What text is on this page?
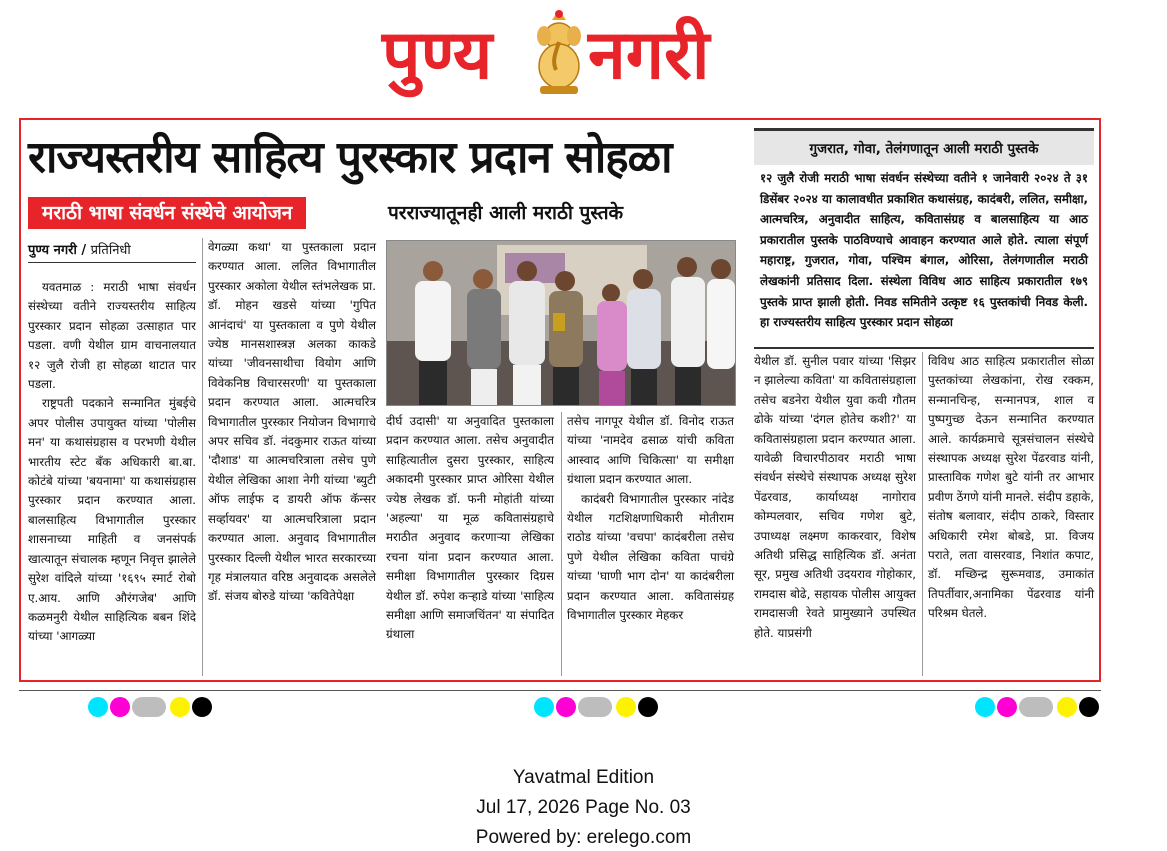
पुण्य नगरी
राज्यस्तरीय साहित्य पुरस्कार प्रदान सोहळा
मराठी भाषा संवर्धन संस्थेचे आयोजन	परराज्यातूनही आली मराठी पुस्तके
पुण्य नगरी / प्रतिनिधी

यवतमाळ : मराठी भाषा संवर्धन संस्थेच्या वतीने राज्यस्तरीय साहित्य पुरस्कार प्रदान सोहळा उत्साहात पार पडला. वणी येथील ग्राम वाचनालयात १२ जुलै रोजी हा सोहळा थाटात पार पडला.

राष्ट्रपती पदकाने सन्मानित मुंबईचे अपर पोलीस उपायुक्त यांच्या 'पोलीस मन' या कथासंग्रहास व परभणी येथील भारतीय स्टेट बँक अधिकारी बा.बा. कोटंबे यांच्या 'बयनामा' या कथासंग्रहास पुरस्कार प्रदान करण्यात आला. बालसाहित्य विभागातील पुरस्कार शासनाच्या माहिती व जनसंपर्क खात्यातून संचालक म्हणून निवृत्त झालेले सुरेश वांदिले यांच्या '१६९५ स्मार्ट रोबो ए.आय. आणि औरंगजेब' आणि कळमनुरी येथील साहित्यिक बबन शिंदे यांच्या 'आगळ्या

वेगळ्या कथा' या पुस्तकाला प्रदान करण्यात आला. ललित विभागातील पुरस्कार अकोला येथील स्तंभलेखक प्रा. डॉ. मोहन खडसे यांच्या 'गुपित आनंदाचं' या पुस्तकाला व पुणे येथील ज्येष्ठ मानसशास्त्रज्ञ अलका काकडे यांच्या 'जीवनसाथीचा वियोग आणि विवेकनिष्ठ विचारसरणी' या पुस्तकाला प्रदान करण्यात आला. आत्मचरित्र विभागातील पुरस्कार नियोजन विभागाचे अपर सचिव डॉ. नंदकुमार राऊत यांच्या 'दौशाड' या आत्मचरित्राला तसेच पुणे येथील लेखिका आशा नेगी यांच्या 'ब्युटी ऑफ लाईफ द डायरी ऑफ कॅन्सर सर्व्हायवर' या आत्मचरित्राला प्रदान करण्यात आला. अनुवाद विभागातील पुरस्कार दिल्ली येथील भारत सरकारच्या गृह मंत्रालयात वरिष्ठ अनुवादक असलेले डॉ. संजय बोरुडे यांच्या 'कवितेपेक्षा

दीर्घ उदासी' या अनुवादित पुस्तकाला प्रदान करण्यात आला. तसेच अनुवादीत साहित्यातील दुसरा पुरस्कार, साहित्य अकादमी पुरस्कार प्राप्त ओरिसा येथील ज्येष्ठ लेखक डॉ. फनी मोहांती यांच्या 'अहल्या' या मूळ कवितासंग्रहाचे मराठीत अनुवाद करणाऱ्या लेखिका रचना यांना प्रदान करण्यात आला. समीक्षा विभागातील पुरस्कार दिग्रस येथील डॉ. रुपेश कऱ्हाडे यांच्या 'साहित्य समीक्षा आणि समाजचिंतन' या संपादित ग्रंथाला

तसेच नागपूर येथील डॉ. विनोद राऊत यांच्या 'नामदेव ढसाळ यांची कविता आस्वाद आणि चिकित्सा' या समीक्षा ग्रंथाला प्रदान करण्यात आला.

कादंबरी विभागातील पुरस्कार नांदेड येथील गटशिक्षणाधिकारी मोतीराम राठोड यांच्या 'वचपा' कादंबरीला तसेच पुणे येथील लेखिका कविता पाचंग्रे यांच्या 'घाणी भाग दोन' या कादंबरीला प्रदान करण्यात आला. कवितासंग्रह विभागातील पुरस्कार मेहकर

गुजरात, गोवा, तेलंगणातून आली मराठी पुस्तके
१२ जुलै रोजी मराठी भाषा संवर्धन संस्थेच्या वतीने १ जानेवारी २०२४ ते ३१ डिसेंबर २०२४ या कालावधीत प्रकाशित कथासंग्रह, कादंबरी, ललित, समीक्षा, आत्मचरित्र, अनुवादीत साहित्य, कवितासंग्रह व बालसाहित्य या आठ प्रकारातील पुस्तके पाठविण्याचे आवाहन करण्यात आले होते. त्याला संपूर्ण महाराष्ट्र, गुजरात, गोवा, पश्चिम बंगाल, ओरिसा, तेलंगणातील मराठी लेखकांनी प्रतिसाद दिला. संस्थेला विविध आठ साहित्य प्रकारातील १७९ पुस्तके प्राप्त झाली होती. निवड समितीने उत्कृष्ट १६ पुस्तकांची निवड केली. हा राज्यस्तरीय साहित्य पुरस्कार प्रदान सोहळा

येथील डॉ. सुनील पवार यांच्या 'सिझर न झालेल्या कविता' या कवितासंग्रहाला तसेच बडनेरा येथील युवा कवी गौतम ढोके यांच्या 'दंगल होतेच कशी?' या कवितासंग्रहाला प्रदान करण्यात आला. यावेळी विचारपीठावर मराठी भाषा संवर्धन संस्थेचे संस्थापक अध्यक्ष सुरेश पेंढरवाड, कार्याध्यक्ष नागोराव कोम्पलवार, सचिव गणेश बुटे, उपाध्यक्ष लक्ष्मण काकरवार, विशेष अतिथी प्रसिद्ध साहित्यिक डॉ. अनंता सूर, प्रमुख अतिथी उदयराव गोहोकार, रामदास बोढे, सहायक पोलीस आयुक्त रामदासजी रेवते प्रामुख्याने उपस्थित होते. याप्रसंगी

विविध आठ साहित्य प्रकारातील सोळा पुस्तकांच्या लेखकांना, रोख रक्कम, सन्मानचिन्ह, सन्मानपत्र, शाल व पुष्पगुच्छ देऊन सन्मानित करण्यात आले. कार्यक्रमाचे सूत्रसंचालन संस्थेचे संस्थापक अध्यक्ष सुरेश पेंढरवाड यांनी, प्रास्ताविक गणेश बुटे यांनी तर आभार प्रवीण ठेंगणे यांनी मानले. संदीप डहाके, संतोष बलावार, संदीप ठाकरे, विस्तार अधिकारी रमेश बोबडे, प्रा. विजय पराते, लता वासरवाड, निशांत कपाट, डॉ. मच्छिन्द्र सुरूमवाड, उमाकांत तिपर्तीवार,अनामिका पेंढरवाड यांनी परिश्रम घेतले.

Yavatmal Edition
Jul 17, 2026 Page No. 03
Powered by: erelego.com
